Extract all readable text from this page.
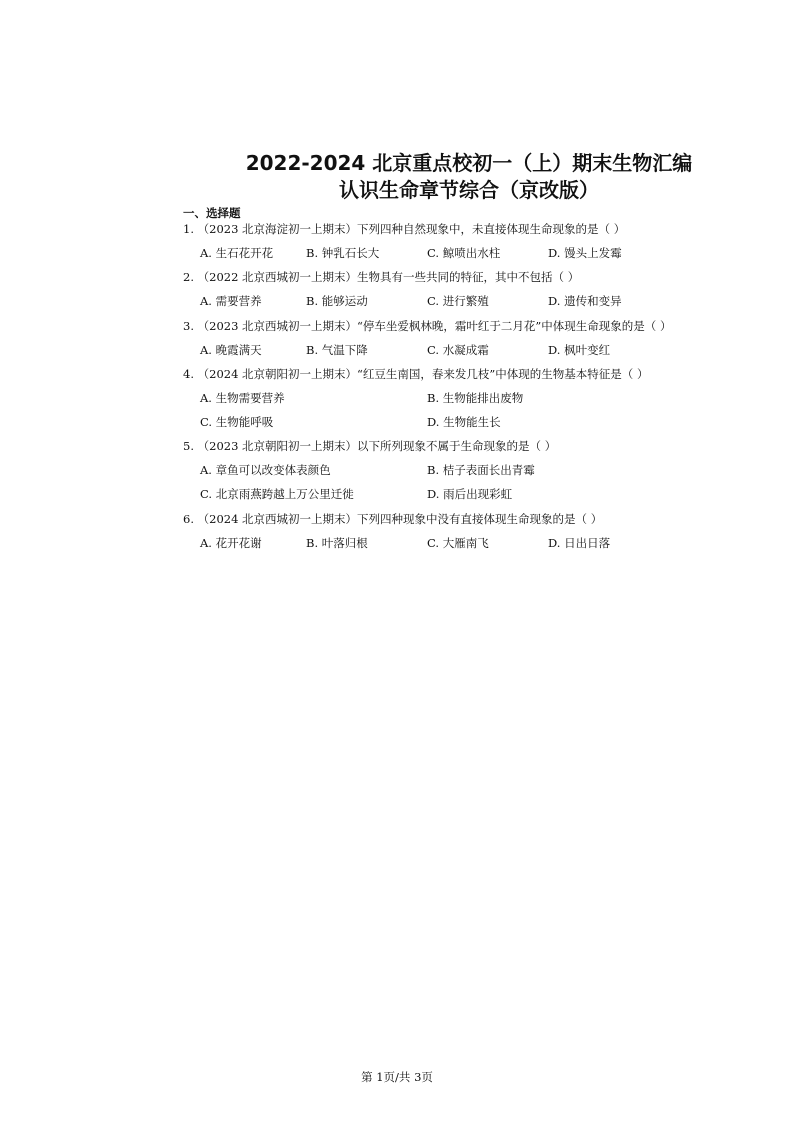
2022-2024 北京重点校初一（上）期末生物汇编
认识生命章节综合（京改版）
一、选择题
1. （2023 北京海淀初一上期末）下列四种自然现象中，未直接体现生命现象的是（ ）
A. 生石花开花	B. 钟乳石长大	C. 鲸喷出水柱	D. 馒头上发霉
2. （2022 北京西城初一上期末）生物具有一些共同的特征，其中不包括（ ）
A. 需要营养	B. 能够运动	C. 进行繁殖	D. 遗传和变异
3. （2023 北京西城初一上期末）“停车坐爱枫林晚，霜叶红于二月花”中体现生命现象的是（ ）
A. 晚霞满天	B. 气温下降	C. 水凝成霜	D. 枫叶变红
4. （2024 北京朝阳初一上期末）“红豆生南国，春来发几枝”中体现的生物基本特征是（ ）
A. 生物需要营养	B. 生物能排出废物
C. 生物能呼吸	D. 生物能生长
5. （2023 北京朝阳初一上期末）以下所列现象不属于生命现象的是（ ）
A. 章鱼可以改变体表颜色	B. 桔子表面长出青霉
C. 北京雨燕跨越上万公里迁徙	D. 雨后出现彩虹
6. （2024 北京西城初一上期末）下列四种现象中没有直接体现生命现象的是（ ）
A. 花开花谢	B. 叶落归根	C. 大雁南飞	D. 日出日落
第 1页/共 3页
